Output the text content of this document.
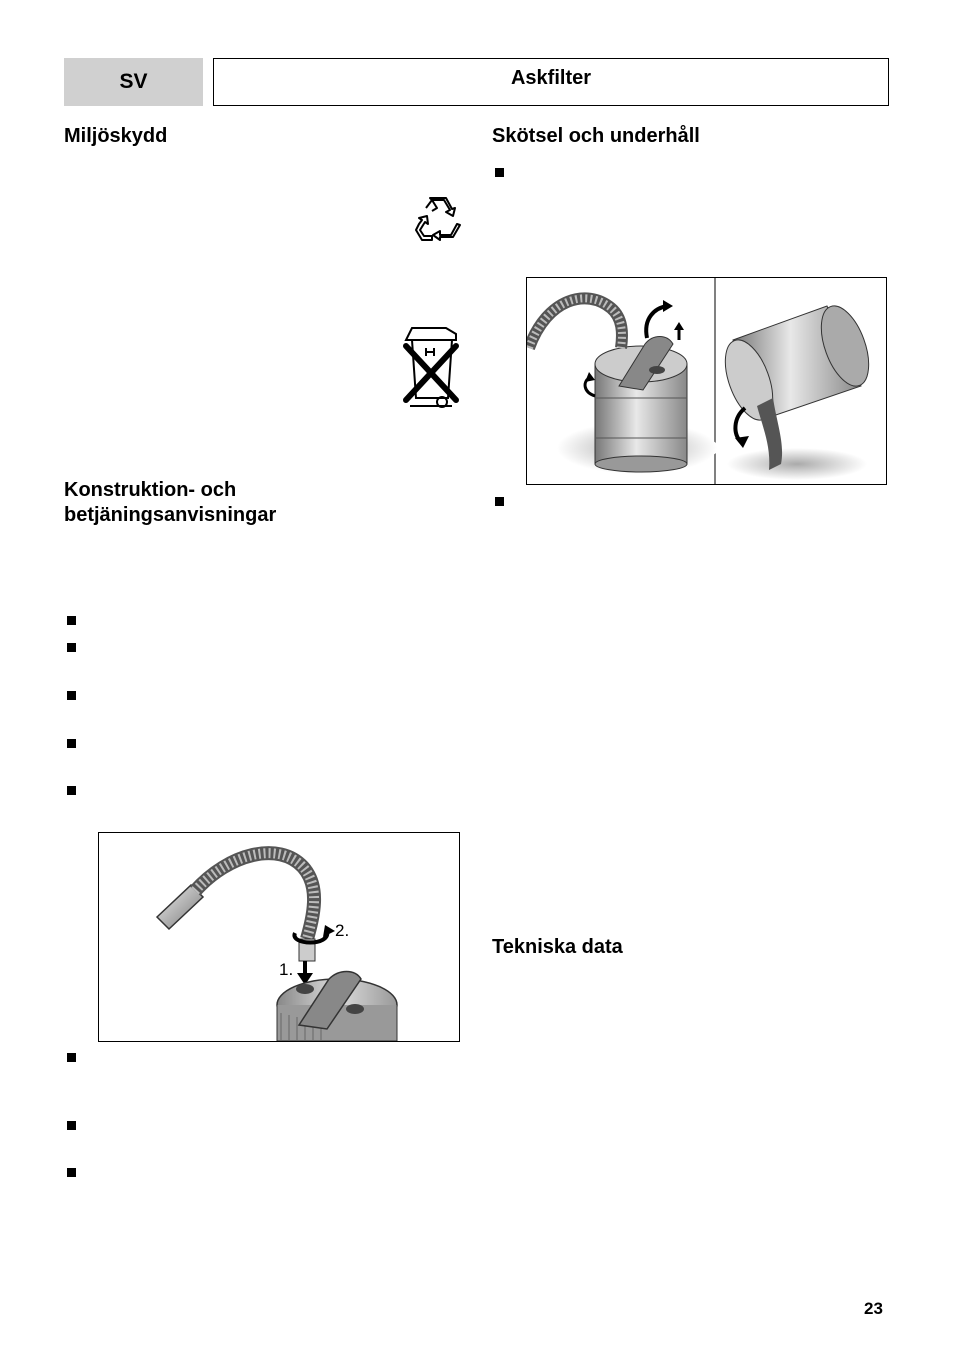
SV	Askfilter
Miljöskydd
Konstruktion- och
betjäningsanvisningar
2.
1.
Skötsel och underhåll
Tekniska data
23
